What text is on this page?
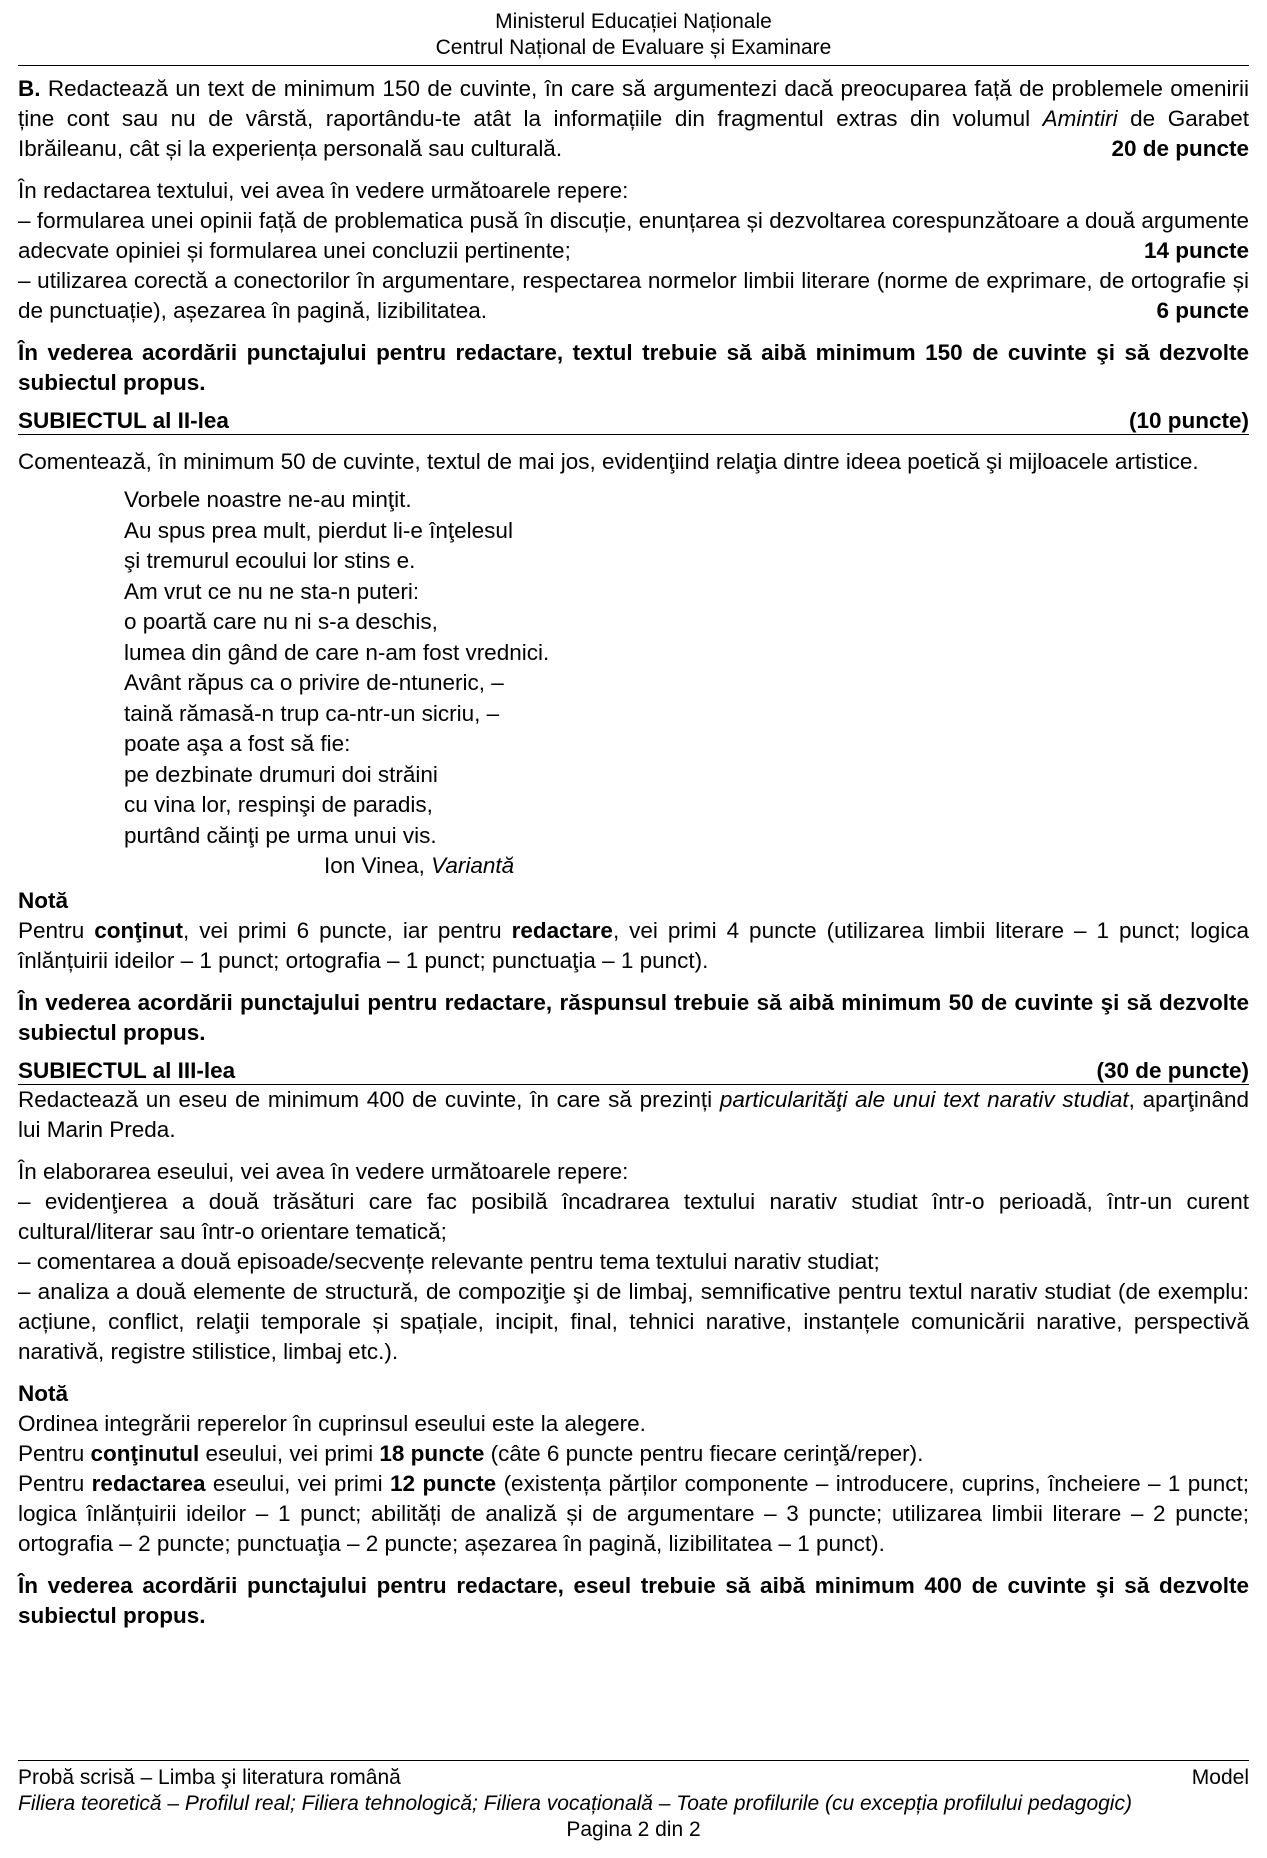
Ministerul Educației Naționale
Centrul Național de Evaluare și Examinare

B. Redactează un text de minimum 150 de cuvinte, în care să argumentezi dacă preocuparea față de problemele omenirii ține cont sau nu de vârstă, raportându-te atât la informațiile din fragmentul extras din volumul Amintiri de Garabet Ibrăileanu, cât și la experiența personală sau culturală.	20 de puncte

În redactarea textului, vei avea în vedere următoarele repere:

– formularea unei opinii față de problematica pusă în discuție, enunțarea și dezvoltarea corespunzătoare a două argumente adecvate opiniei și formularea unei concluzii pertinente;	14 puncte

– utilizarea corectă a conectorilor în argumentare, respectarea normelor limbii literare (norme de exprimare, de ortografie și de punctuație), așezarea în pagină, lizibilitatea.	6 puncte

În vederea acordării punctajului pentru redactare, textul trebuie să aibă minimum 150 de cuvinte şi să dezvolte subiectul propus.

SUBIECTUL al II-lea	(10 puncte)

Comentează, în minimum 50 de cuvinte, textul de mai jos, evidenţiind relaţia dintre ideea poetică şi mijloacele artistice.

Vorbele noastre ne-au minţit.
Au spus prea mult, pierdut li-e înţelesul
şi tremurul ecoului lor stins e.
Am vrut ce nu ne sta-n puteri:
o poartă care nu ni s-a deschis,
lumea din gând de care n-am fost vrednici.
Avânt răpus ca o privire de-ntuneric, –
taină rămasă-n trup ca-ntr-un sicriu, –
poate aşa a fost să fie:
pe dezbinate drumuri doi străini
cu vina lor, respinşi de paradis,
purtând căinţi pe urma unui vis.
Ion Vinea, Variantă

Notă

Pentru conţinut, vei primi 6 puncte, iar pentru redactare, vei primi 4 puncte (utilizarea limbii literare – 1 punct; logica înlănțuirii ideilor – 1 punct; ortografia – 1 punct; punctuaţia – 1 punct).

În vederea acordării punctajului pentru redactare, răspunsul trebuie să aibă minimum 50 de cuvinte şi să dezvolte subiectul propus.

SUBIECTUL al III-lea	(30 de puncte)

Redactează un eseu de minimum 400 de cuvinte, în care să prezinți particularităţi ale unui text narativ studiat, aparţinând lui Marin Preda.

În elaborarea eseului, vei avea în vedere următoarele repere:

– evidenţierea a două trăsături care fac posibilă încadrarea textului narativ studiat într-o perioadă, într-un curent cultural/literar sau într-o orientare tematică;

– comentarea a două episoade/secvențe relevante pentru tema textului narativ studiat;

– analiza a două elemente de structură, de compoziţie şi de limbaj, semnificative pentru textul narativ studiat (de exemplu: acțiune, conflict, relaţii temporale și spațiale, incipit, final, tehnici narative, instanțele comunicării narative, perspectivă narativă, registre stilistice, limbaj etc.).

Notă

Ordinea integrării reperelor în cuprinsul eseului este la alegere.

Pentru conţinutul eseului, vei primi 18 puncte (câte 6 puncte pentru fiecare cerinţă/reper).

Pentru redactarea eseului, vei primi 12 puncte (existența părților componente – introducere, cuprins, încheiere – 1 punct; logica înlănțuirii ideilor – 1 punct; abilități de analiză și de argumentare – 3 puncte; utilizarea limbii literare – 2 puncte; ortografia – 2 puncte; punctuaţia – 2 puncte; așezarea în pagină, lizibilitatea – 1 punct).

În vederea acordării punctajului pentru redactare, eseul trebuie să aibă minimum 400 de cuvinte şi să dezvolte subiectul propus.

Probă scrisă – Limba şi literatura română	Model
Filiera teoretică – Profilul real; Filiera tehnologică; Filiera vocațională – Toate profilurile (cu excepția profilului pedagogic)
Pagina 2 din 2
